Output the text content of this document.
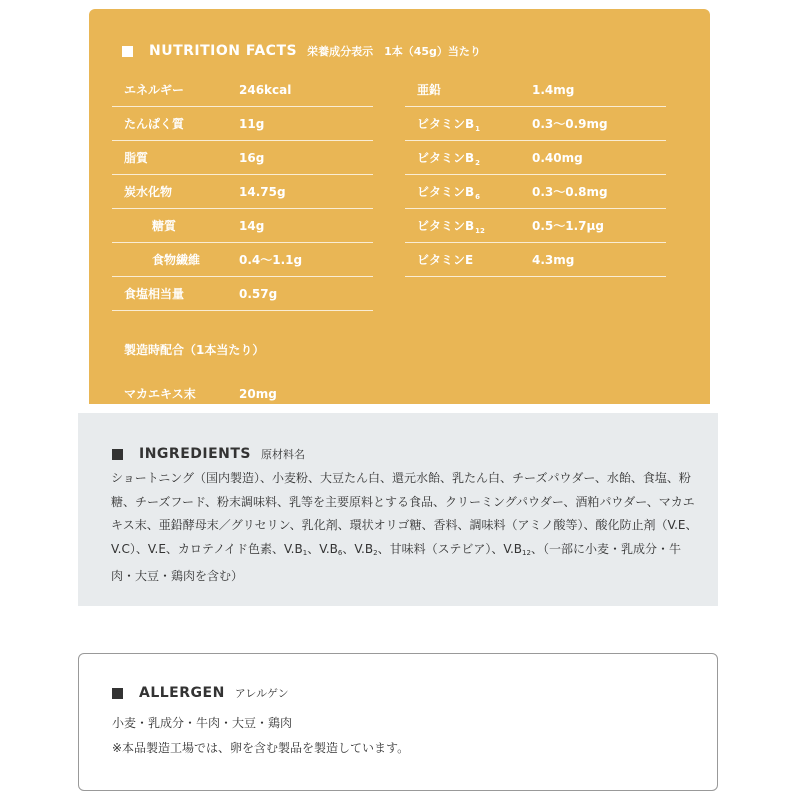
NUTRITION FACTS 栄養成分表示　1本（45g）当たり
エネルギー	246kcal
たんぱく質	11g
脂質	16g
炭水化物	14.75g
糖質	14g
食物繊維	0.4〜1.1g
食塩相当量	0.57g
亜鉛	1.4mg
ビタミン$B_1$	0.3〜0.9mg
ビタミン$B_2$	0.40mg
ビタミン$B_6$	0.3〜0.8mg
ビタミン$B_{12}$	0.5〜1.7μg
ビタミンE	4.3mg
製造時配合（1本当たり）
マカエキス末	20mg
INGREDIENTS 原材料名
ショートニング（国内製造）、小麦粉、大豆たん白、還元水飴、乳たん白、チーズパウダー、水飴、食塩、粉糖、チーズフード、粉末調味料、乳等を主要原料とする食品、クリーミングパウダー、酒粕パウダー、マカエキス末、亜鉛酵母末／グリセリン、乳化剤、環状オリゴ糖、香料、調味料（アミノ酸等）、酸化防止剤（V.E、V.C）、V.E、カロテノイド色素、$V.B_1$、$V.B_6$、$V.B_2$、甘味料（ステビア）、$V.B_{12}$、（一部に小麦・乳成分・牛肉・大豆・鶏肉を含む）
ALLERGEN アレルゲン
小麦・乳成分・牛肉・大豆・鶏肉
※本品製造工場では、卵を含む製品を製造しています。
